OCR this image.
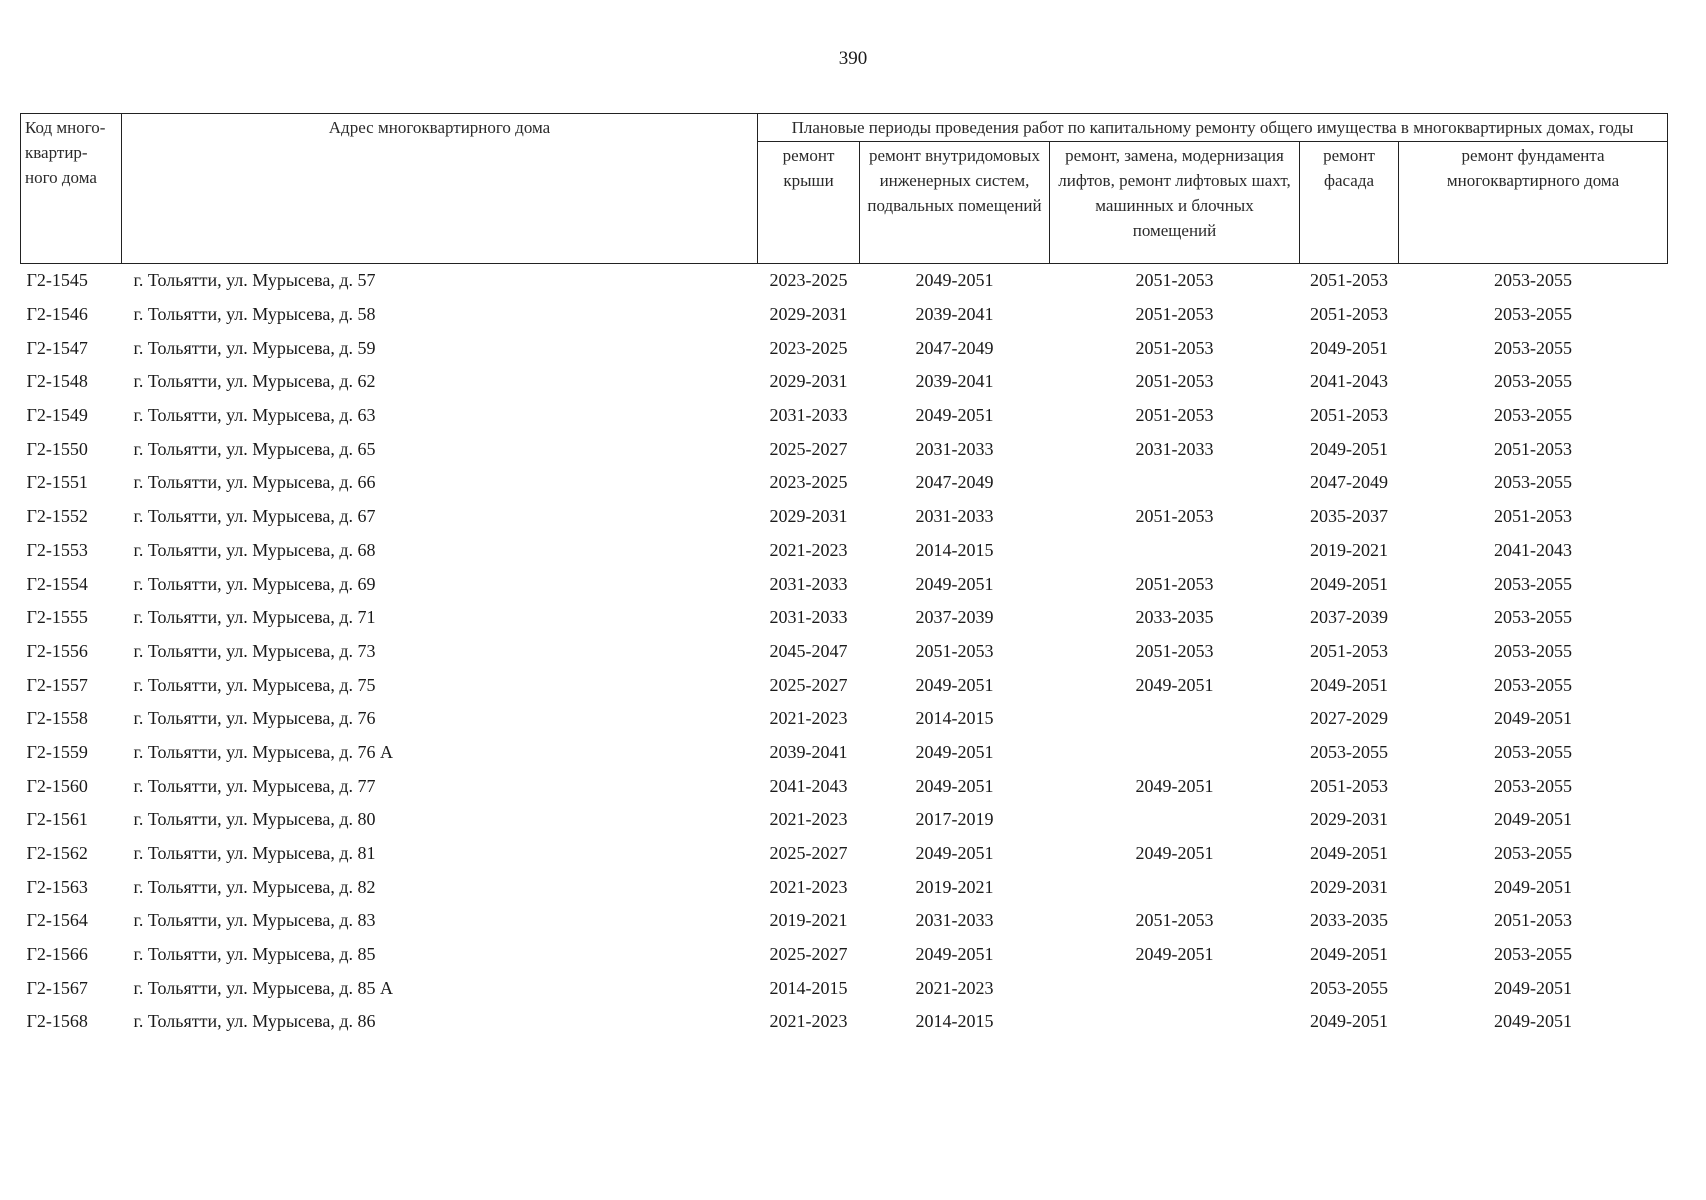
390
Код много-квартир-ного дома	Адрес многоквартирного дома	Плановые периоды проведения работ по капитальному ремонту общего имущества в многоквартирных домах, годы				
		ремонт крыши	ремонт внутридомовых инженерных систем, подвальных помещений	ремонт, замена, модернизация лифтов, ремонт лифтовых шахт, машинных и блочных помещений	ремонт фасада	ремонт фундамента многоквартирного дома
Г2-1545	г. Тольятти, ул. Мурысева, д. 57	2023-2025	2049-2051	2051-2053	2051-2053	2053-2055
Г2-1546	г. Тольятти, ул. Мурысева, д. 58	2029-2031	2039-2041	2051-2053	2051-2053	2053-2055
Г2-1547	г. Тольятти, ул. Мурысева, д. 59	2023-2025	2047-2049	2051-2053	2049-2051	2053-2055
Г2-1548	г. Тольятти, ул. Мурысева, д. 62	2029-2031	2039-2041	2051-2053	2041-2043	2053-2055
Г2-1549	г. Тольятти, ул. Мурысева, д. 63	2031-2033	2049-2051	2051-2053	2051-2053	2053-2055
Г2-1550	г. Тольятти, ул. Мурысева, д. 65	2025-2027	2031-2033	2031-2033	2049-2051	2051-2053
Г2-1551	г. Тольятти, ул. Мурысева, д. 66	2023-2025	2047-2049		2047-2049	2053-2055
Г2-1552	г. Тольятти, ул. Мурысева, д. 67	2029-2031	2031-2033	2051-2053	2035-2037	2051-2053
Г2-1553	г. Тольятти, ул. Мурысева, д. 68	2021-2023	2014-2015		2019-2021	2041-2043
Г2-1554	г. Тольятти, ул. Мурысева, д. 69	2031-2033	2049-2051	2051-2053	2049-2051	2053-2055
Г2-1555	г. Тольятти, ул. Мурысева, д. 71	2031-2033	2037-2039	2033-2035	2037-2039	2053-2055
Г2-1556	г. Тольятти, ул. Мурысева, д. 73	2045-2047	2051-2053	2051-2053	2051-2053	2053-2055
Г2-1557	г. Тольятти, ул. Мурысева, д. 75	2025-2027	2049-2051	2049-2051	2049-2051	2053-2055
Г2-1558	г. Тольятти, ул. Мурысева, д. 76	2021-2023	2014-2015		2027-2029	2049-2051
Г2-1559	г. Тольятти, ул. Мурысева, д. 76 А	2039-2041	2049-2051		2053-2055	2053-2055
Г2-1560	г. Тольятти, ул. Мурысева, д. 77	2041-2043	2049-2051	2049-2051	2051-2053	2053-2055
Г2-1561	г. Тольятти, ул. Мурысева, д. 80	2021-2023	2017-2019		2029-2031	2049-2051
Г2-1562	г. Тольятти, ул. Мурысева, д. 81	2025-2027	2049-2051	2049-2051	2049-2051	2053-2055
Г2-1563	г. Тольятти, ул. Мурысева, д. 82	2021-2023	2019-2021		2029-2031	2049-2051
Г2-1564	г. Тольятти, ул. Мурысева, д. 83	2019-2021	2031-2033	2051-2053	2033-2035	2051-2053
Г2-1566	г. Тольятти, ул. Мурысева, д. 85	2025-2027	2049-2051	2049-2051	2049-2051	2053-2055
Г2-1567	г. Тольятти, ул. Мурысева, д. 85 А	2014-2015	2021-2023		2053-2055	2049-2051
Г2-1568	г. Тольятти, ул. Мурысева, д. 86	2021-2023	2014-2015		2049-2051	2049-2051
